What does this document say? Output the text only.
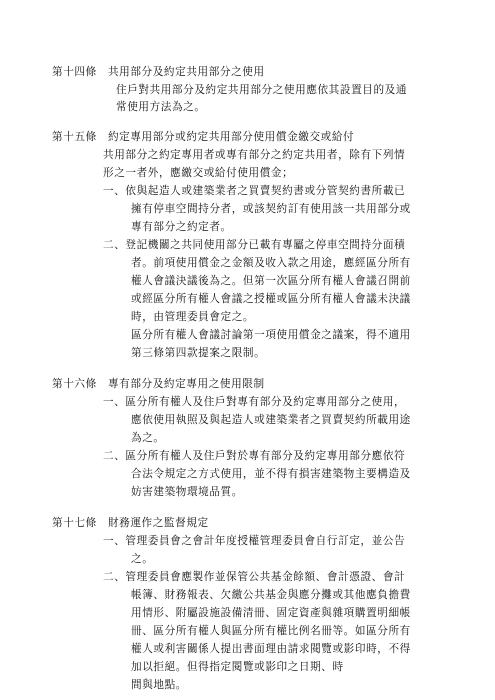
第十四條　共用部分及約定共用部分之使用
住戶對共用部分及約定共用部分之使用應依其設置目的及通
常使用方法為之。
第十五條　約定專用部分或約定共用部分使用償金繳交或給付
共用部分之約定專用者或專有部分之約定共用者，除有下列情
形之一者外，應繳交或給付使用償金；
一、依與起造人或建築業者之買賣契約書或分管契約書所載已
擁有停車空間持分者，或該契約訂有使用該一共用部分或
專有部分之約定者。
二、登記機關之共同使用部分已載有專屬之停車空間持分面積
者。前項使用償金之金額及收入款之用途，應經區分所有
權人會議決議後為之。但第一次區分所有權人會議召開前
或經區分所有權人會議之授權或區分所有權人會議未決議
時，由管理委員會定之。
區分所有權人會議討論第一項使用償金之議案，得不適用
第三條第四款提案之限制。
第十六條　專有部分及約定專用之使用限制
一、區分所有權人及住戶對專有部分及約定專用部分之使用，
應依使用執照及與起造人或建築業者之買賣契約所載用途
為之。
二、區分所有權人及住戶對於專有部分及約定專用部分應依符
合法令規定之方式使用，並不得有損害建築物主要構造及
妨害建築物環境品質。
第十七條　財務運作之監督規定
一、管理委員會之會計年度授權管理委員會自行訂定，並公告
之。
二、管理委員會應製作並保管公共基金餘額、會計憑證、會計
帳簿、財務報表、欠繳公共基金與應分攤或其他應負擔費
用情形、附屬設施設備清冊、固定資產與雜項購置明細帳
冊、區分所有權人與區分所有權比例名冊等。如區分所有
權人或利害關係人提出書面理由請求閱覽或影印時，不得
加以拒絕。但得指定閱覽或影印之日期、時
間與地點。
